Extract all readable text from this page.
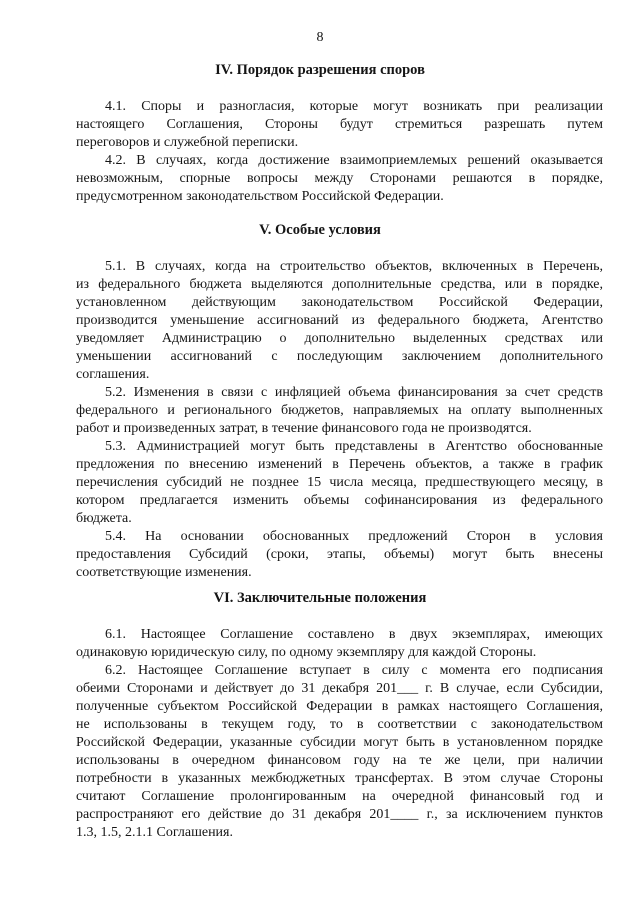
8
IV. Порядок разрешения споров
4.1. Споры и разногласия, которые могут возникать при реализации
настоящего Соглашения, Стороны будут стремиться разрешать путем
переговоров и служебной переписки.
4.2. В случаях, когда достижение взаимоприемлемых решений оказывается
невозможным, спорные вопросы между Сторонами решаются в порядке,
предусмотренном законодательством Российской Федерации.
V. Особые условия
5.1. В случаях, когда на строительство объектов, включенных в Перечень,
из федерального бюджета выделяются дополнительные средства, или в порядке,
установленном действующим законодательством Российской Федерации,
производится уменьшение ассигнований из федерального бюджета, Агентство
уведомляет Администрацию о дополнительно выделенных средствах или
уменьшении ассигнований с последующим заключением дополнительного
соглашения.
5.2. Изменения в связи с инфляцией объема финансирования за счет средств
федерального и регионального бюджетов, направляемых на оплату выполненных
работ и произведенных затрат, в течение финансового года не производятся.
5.3. Администрацией могут быть представлены в Агентство обоснованные
предложения по внесению изменений в Перечень объектов, а также в график
перечисления субсидий не позднее 15 числа месяца, предшествующего месяцу, в
котором предлагается изменить объемы софинансирования из федерального
бюджета.
5.4. На основании обоснованных предложений Сторон в условия
предоставления Субсидий (сроки, этапы, объемы) могут быть внесены
соответствующие изменения.
VI. Заключительные положения
6.1. Настоящее Соглашение составлено в двух экземплярах, имеющих
одинаковую юридическую силу, по одному экземпляру для каждой Стороны.
6.2. Настоящее Соглашение вступает в силу с момента его подписания
обеими Сторонами и действует до 31 декабря 201___ г. В случае, если Субсидии,
полученные субъектом Российской Федерации в рамках настоящего Соглашения,
не использованы в текущем году, то в соответствии с законодательством
Российской Федерации, указанные субсидии могут быть в установленном порядке
использованы в очередном финансовом году на те же цели, при наличии
потребности в указанных межбюджетных трансфертах. В этом случае Стороны
считают Соглашение пролонгированным на очередной финансовый год и
распространяют его действие до 31 декабря 201____ г., за исключением пунктов
1.3, 1.5, 2.1.1 Соглашения.
